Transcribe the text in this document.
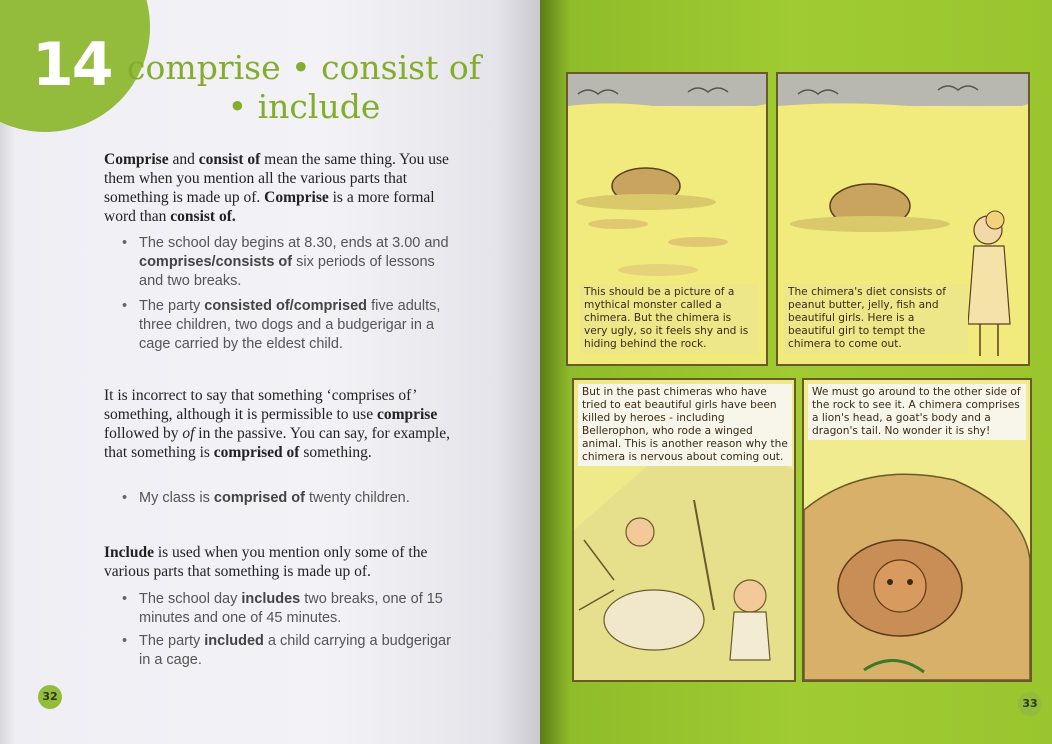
14 comprise • consist of
• include

Comprise and consist of mean the same thing. You use them when you mention all the various parts that something is made up of. Comprise is a more formal word than consist of.

• The school day begins at 8.30, ends at 3.00 and comprises/consists of six periods of lessons and two breaks.

• The party consisted of/comprised five adults, three children, two dogs and a budgerigar in a cage carried by the eldest child.

It is incorrect to say that something ‘comprises of’ something, although it is permissible to use comprise followed by of in the passive. You can say, for example, that something is comprised of something.

• My class is comprised of twenty children.

Include is used when you mention only some of the various parts that something is made up of.

• The school day includes two breaks, one of 15 minutes and one of 45 minutes.

• The party included a child carrying a budgerigar in a cage.

32

This should be a picture of a mythical monster called a chimera. But the chimera is very ugly, so it feels shy and is hiding behind the rock.

The chimera's diet consists of peanut butter, jelly, fish and beautiful girls. Here is a beautiful girl to tempt the chimera to come out.

But in the past chimeras who have tried to eat beautiful girls have been killed by heroes - including Bellerophon, who rode a winged animal. This is another reason why the chimera is nervous about coming out.

We must go around to the other side of the rock to see it. A chimera comprises a lion's head, a goat's body and a dragon's tail. No wonder it is shy!

33
